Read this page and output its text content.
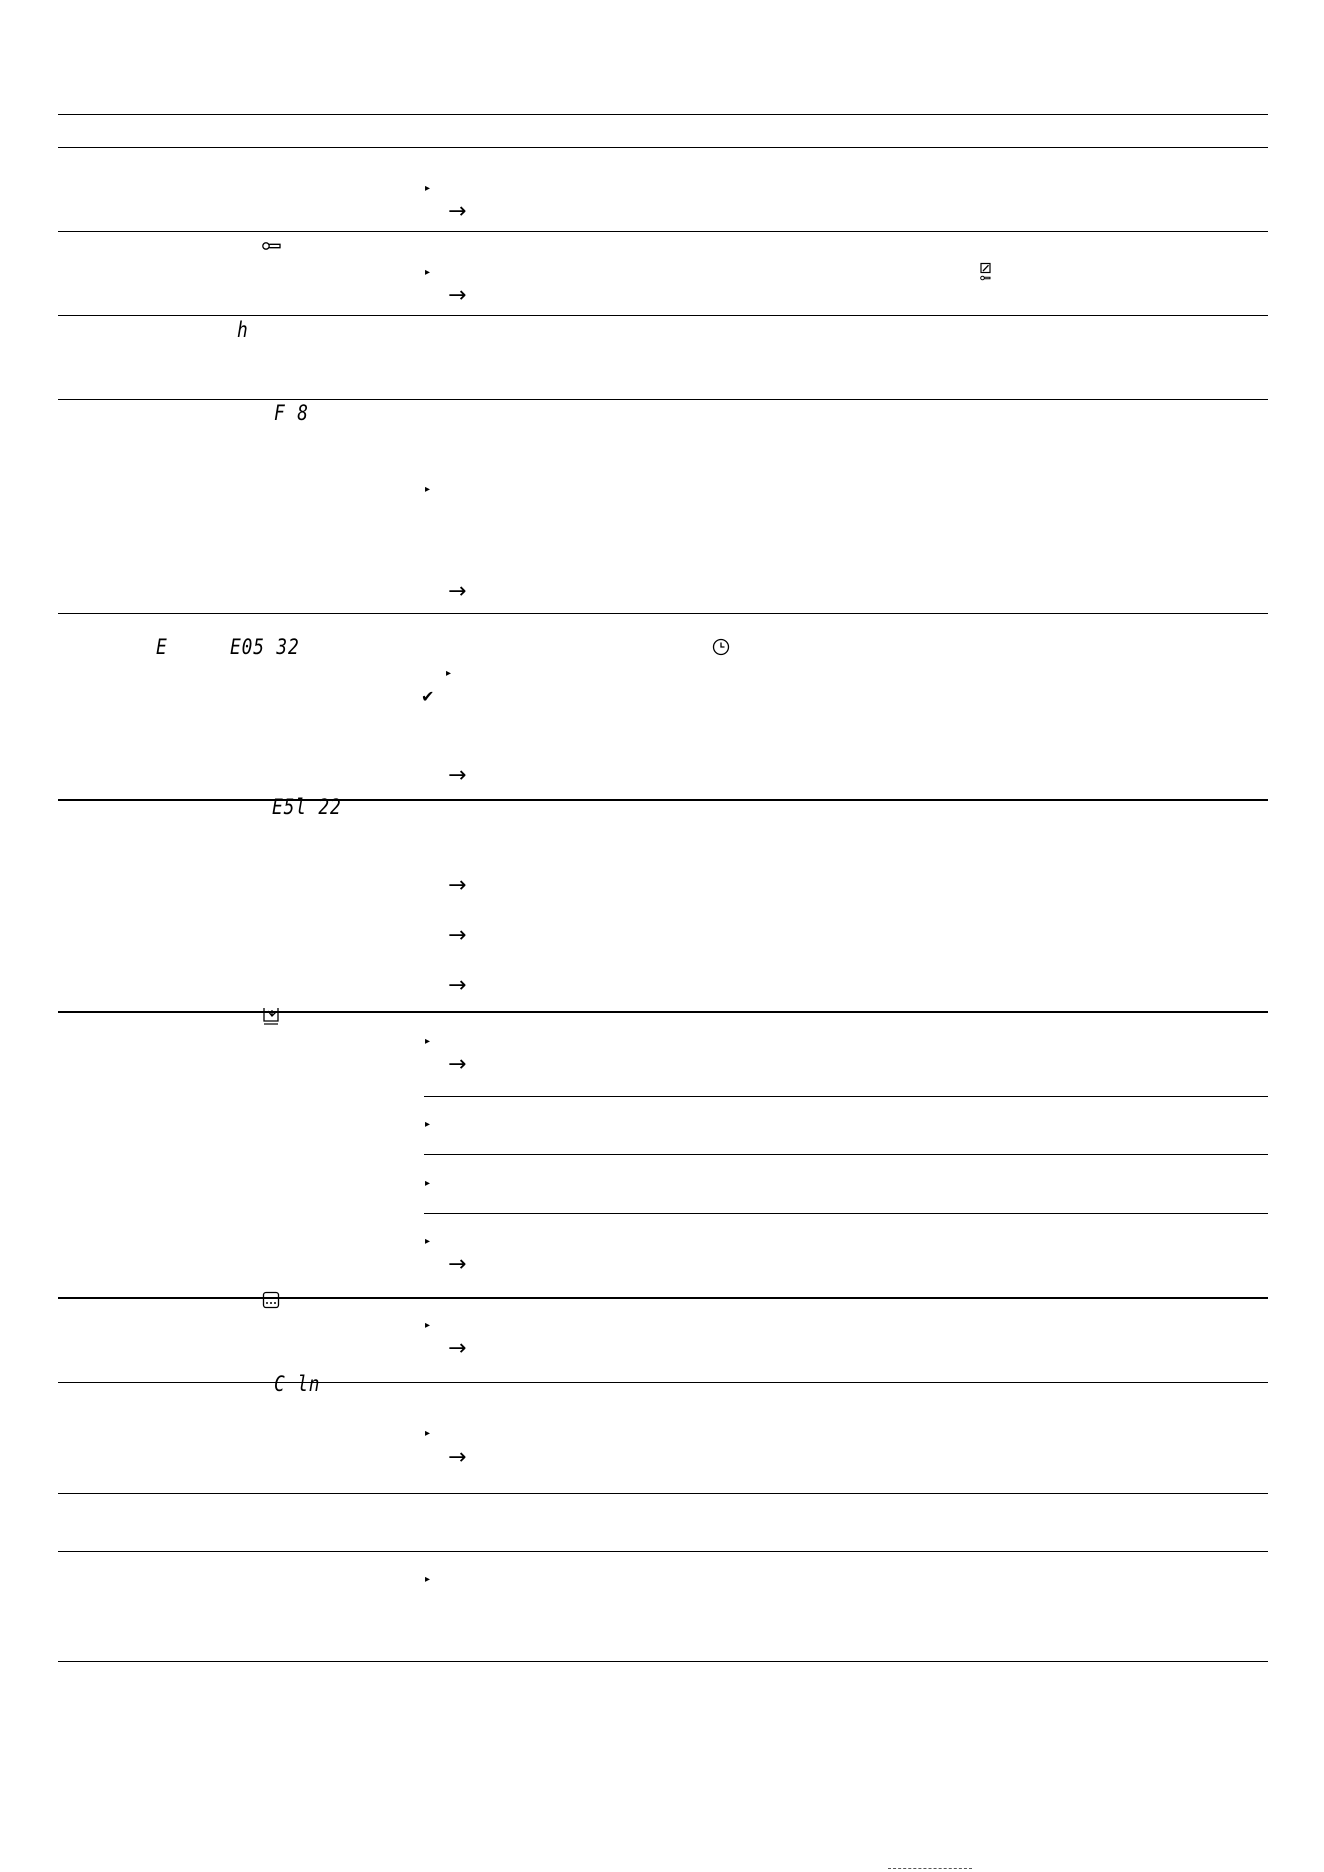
▸
→
▸
→
h
F 8
▸
→
E	E05 32
▸
✔
→
E5l 22
→
→
→
▸
→
▸
▸
▸
→
▸
→
C ln
▸
→
▸
